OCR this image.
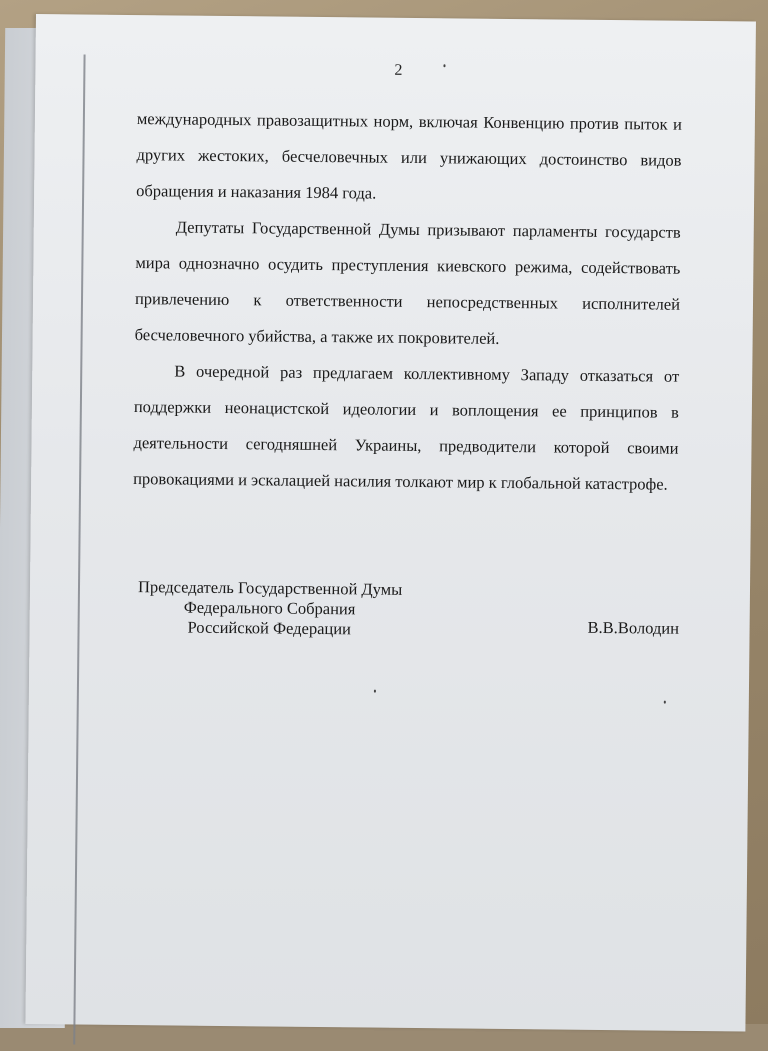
2

международных правозащитных норм, включая Конвенцию против пыток и других жестоких, бесчеловечных или унижающих достоинство видов обращения и наказания 1984 года.

Депутаты Государственной Думы призывают парламенты государств мира однозначно осудить преступления киевского режима, содействовать привлечению к ответственности непосредственных исполнителей бесчеловечного убийства, а также их покровителей.

В очередной раз предлагаем коллективному Западу отказаться от поддержки неонацистской идеологии и воплощения ее принципов в деятельности сегодняшней Украины, предводители которой своими провокациями и эскалацией насилия толкают мир к глобальной катастрофе.

Председатель Государственной Думы
Федерального Собрания
Российской Федерации	В.В.Володин
